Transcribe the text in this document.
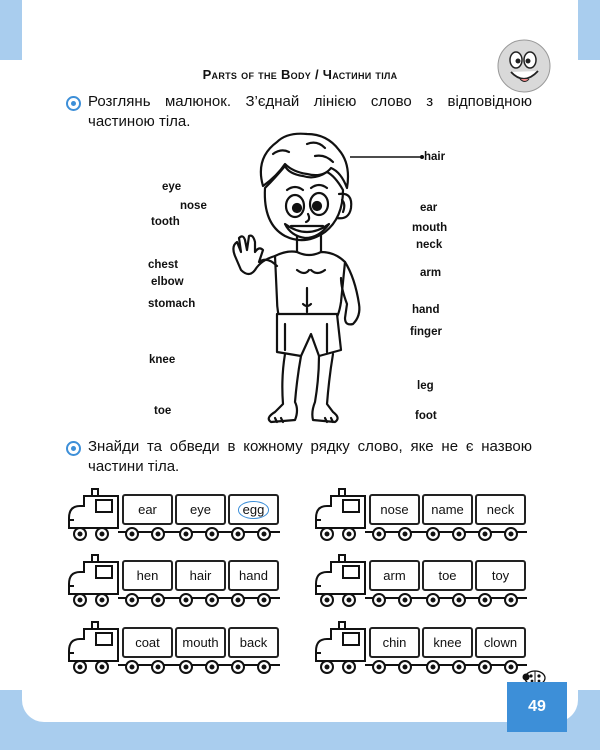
Parts of the Body / Частини тіла
Розглянь малюнок. З’єднай лінією слово з відповідною
частиною тіла.
hair
eye
nose
tooth
ear
mouth
neck
chest
elbow
arm
stomach	hand
finger
knee
leg
toe	foot
Знайди та обведи в кожному рядку слово, яке не є назвою
частини тіла.
ear	eye	egg	nose name neck
hen hair hand	arm	toe	toy
coat mouth back	chin knee clown
49
